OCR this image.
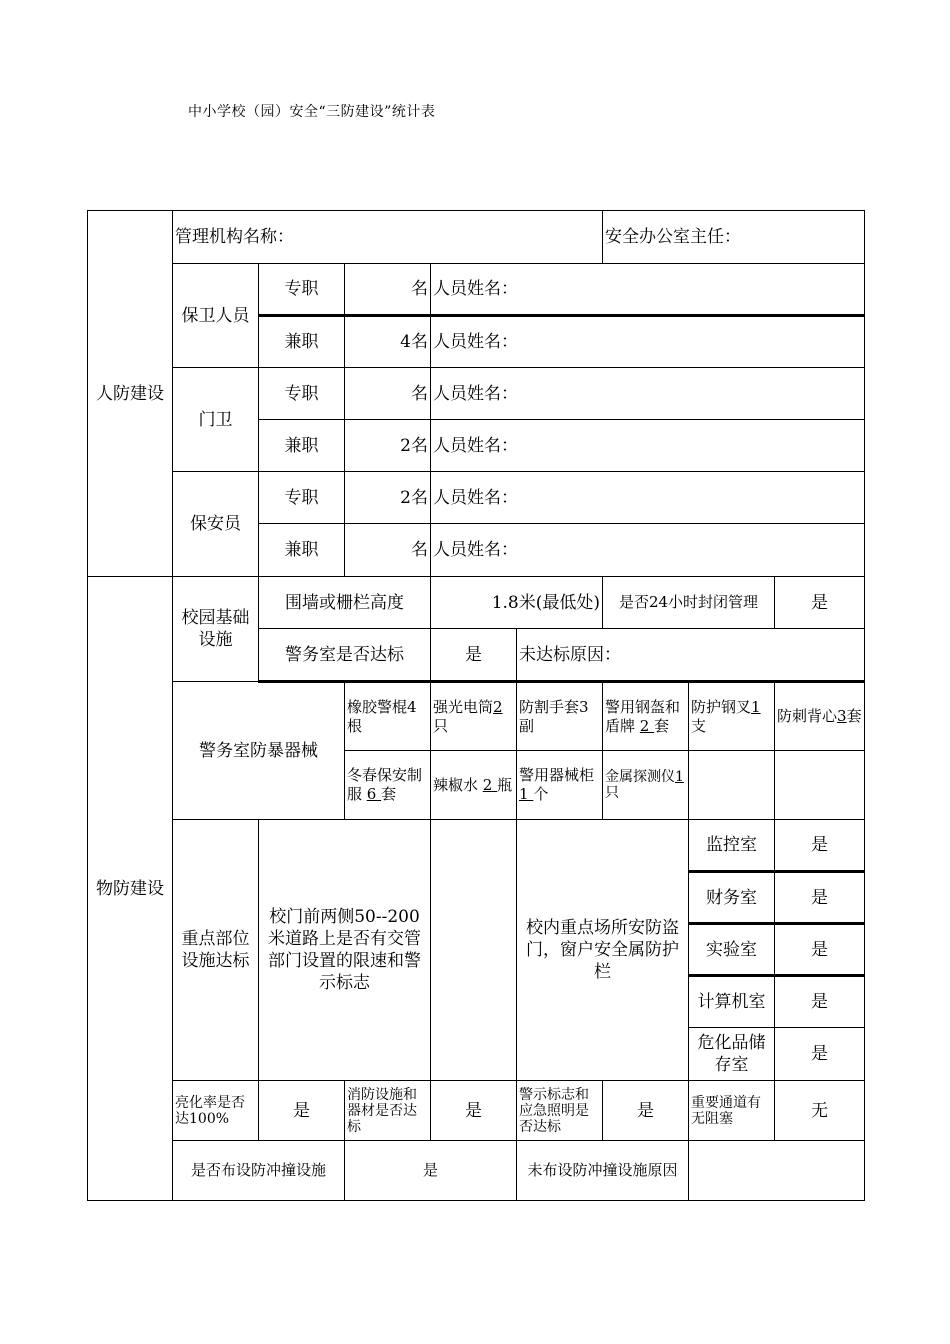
中小学校（园）安全“三防建设”统计表
人防建设	管理机构名称：					安全办公室主任：		
	保卫人员	专职	名	人员姓名：				
		兼职	4名	人员姓名：				
	门卫	专职	名	人员姓名：				
		兼职	2名	人员姓名：				
	保安员	专职	2名	人员姓名：				
		兼职	名	人员姓名：				
物防建设	校园基础设施	围墙或栅栏高度		1.8米(最低处)		是否24小时封闭管理		是
		警务室是否达标		是	未达标原因：			
	警务室防暴器械		橡胶警棍4根	强光电筒2 只	防割手套3副	警用钢盔和盾牌 2 套	防护钢叉1支	防刺背心3套
			冬春保安制服 6 套	辣椒水 2 瓶	警用器械柜 1 个	金属探测仪1只		
	重点部位设施达标	校门前两侧50--200米道路上是否有交管部门设置的限速和警示标志			校内重点场所安防盗门，窗户安全属防护栏		监控室	是
							财务室	是
							实验室	是
							计算机室	是
							危化品储存室	是
	亮化率是否达100%	是	消防设施和器材是否达标	是	警示标志和应急照明是否达标	是	重要通道有无阻塞	无
	是否布设防冲撞设施		是		未布设防冲撞设施原因			
